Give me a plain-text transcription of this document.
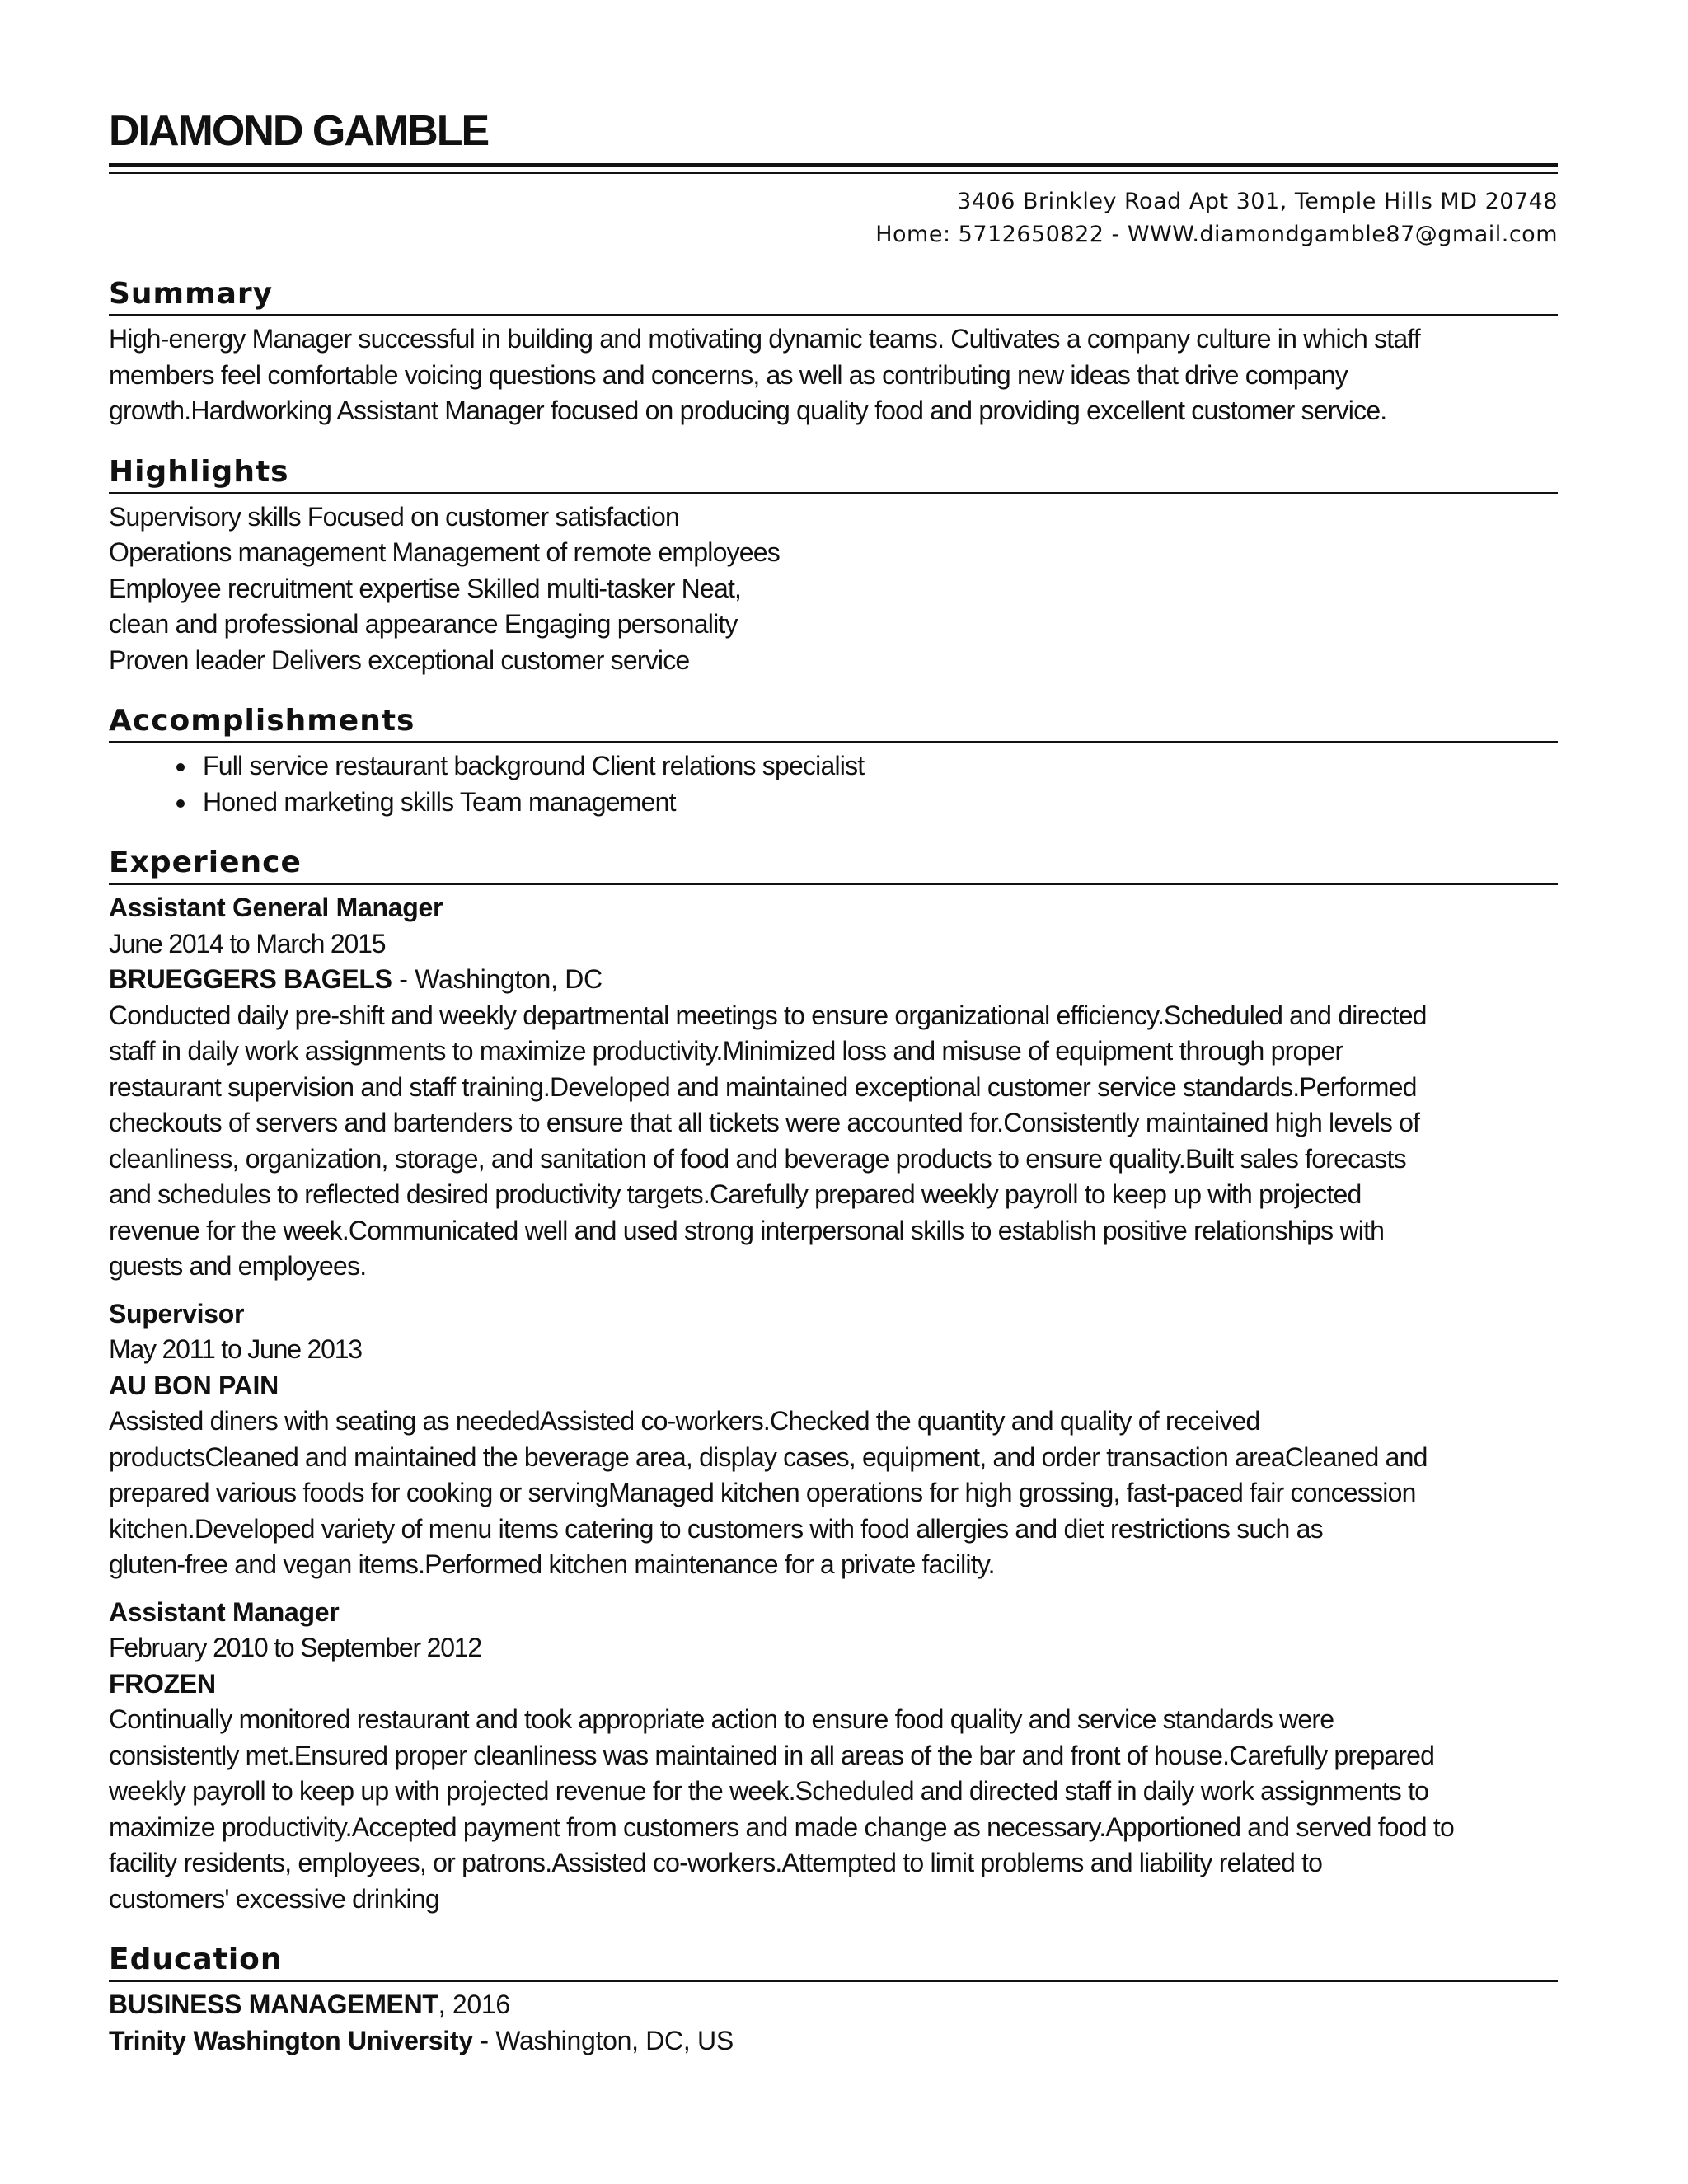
DIAMOND GAMBLE
3406 Brinkley Road Apt 301, Temple Hills MD 20748
Home: 5712650822 - WWW.diamondgamble87@gmail.com
Summary
High-energy Manager successful in building and motivating dynamic teams. Cultivates a company culture in which staff
members feel comfortable voicing questions and concerns, as well as contributing new ideas that drive company
growth.Hardworking Assistant Manager focused on producing quality food and providing excellent customer service.
Highlights
Supervisory skills Focused on customer satisfaction
Operations management Management of remote employees
Employee recruitment expertise Skilled multi-tasker Neat,
clean and professional appearance Engaging personality
Proven leader Delivers exceptional customer service
Accomplishments
• Full service restaurant background Client relations specialist
• Honed marketing skills Team management
Experience
Assistant General Manager
June 2014 to March 2015
BRUEGGERS BAGELS - Washington, DC
Conducted daily pre-shift and weekly departmental meetings to ensure organizational efficiency.Scheduled and directed
staff in daily work assignments to maximize productivity.Minimized loss and misuse of equipment through proper
restaurant supervision and staff training.Developed and maintained exceptional customer service standards.Performed
checkouts of servers and bartenders to ensure that all tickets were accounted for.Consistently maintained high levels of
cleanliness, organization, storage, and sanitation of food and beverage products to ensure quality.Built sales forecasts
and schedules to reflected desired productivity targets.Carefully prepared weekly payroll to keep up with projected
revenue for the week.Communicated well and used strong interpersonal skills to establish positive relationships with
guests and employees.
Supervisor
May 2011 to June 2013
AU BON PAIN
Assisted diners with seating as neededAssisted co-workers.Checked the quantity and quality of received
productsCleaned and maintained the beverage area, display cases, equipment, and order transaction areaCleaned and
prepared various foods for cooking or servingManaged kitchen operations for high grossing, fast-paced fair concession
kitchen.Developed variety of menu items catering to customers with food allergies and diet restrictions such as
gluten-free and vegan items.Performed kitchen maintenance for a private facility.
Assistant Manager
February 2010 to September 2012
FROZEN
Continually monitored restaurant and took appropriate action to ensure food quality and service standards were
consistently met.Ensured proper cleanliness was maintained in all areas of the bar and front of house.Carefully prepared
weekly payroll to keep up with projected revenue for the week.Scheduled and directed staff in daily work assignments to
maximize productivity.Accepted payment from customers and made change as necessary.Apportioned and served food to
facility residents, employees, or patrons.Assisted co-workers.Attempted to limit problems and liability related to
customers' excessive drinking
Education
BUSINESS MANAGEMENT, 2016
Trinity Washington University - Washington, DC, US
